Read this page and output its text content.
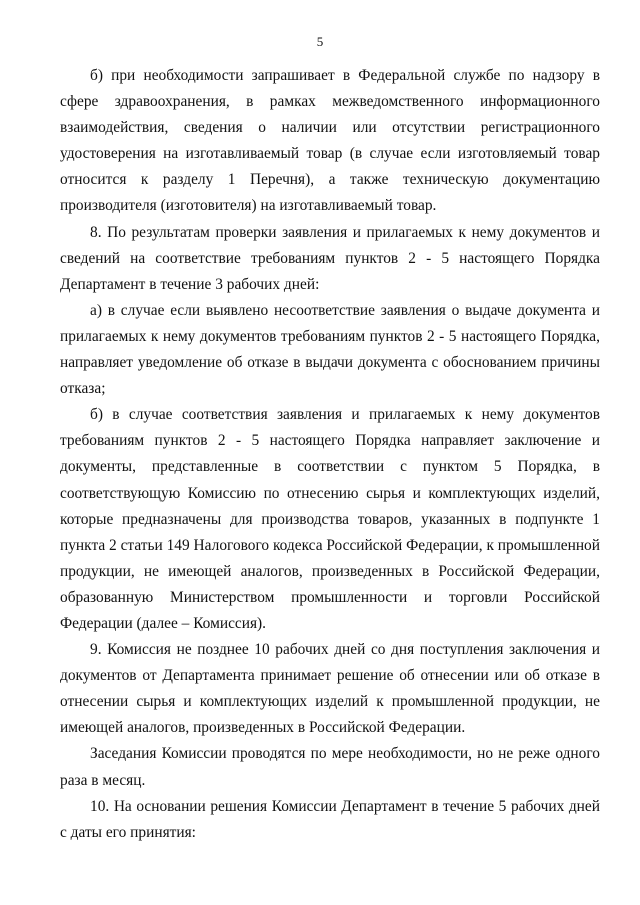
5

б) при необходимости запрашивает в Федеральной службе по надзору в сфере здравоохранения, в рамках межведомственного информационного взаимодействия, сведения о наличии или отсутствии регистрационного удостоверения на изготавливаемый товар (в случае если изготовляемый товар относится к разделу 1 Перечня), а также техническую документацию производителя (изготовителя) на изготавливаемый товар.

8. По результатам проверки заявления и прилагаемых к нему документов и сведений на соответствие требованиям пунктов 2 - 5 настоящего Порядка Департамент в течение 3 рабочих дней:

а) в случае если выявлено несоответствие заявления о выдаче документа и прилагаемых к нему документов требованиям пунктов 2 - 5 настоящего Порядка, направляет уведомление об отказе в выдачи документа с обоснованием причины отказа;

б) в случае соответствия заявления и прилагаемых к нему документов требованиям пунктов 2 - 5 настоящего Порядка направляет заключение и документы, представленные в соответствии с пунктом 5 Порядка, в соответствующую Комиссию по отнесению сырья и комплектующих изделий, которые предназначены для производства товаров, указанных в подпункте 1 пункта 2 статьи 149 Налогового кодекса Российской Федерации, к промышленной продукции, не имеющей аналогов, произведенных в Российской Федерации, образованную Министерством промышленности и торговли Российской Федерации (далее – Комиссия).

9. Комиссия не позднее 10 рабочих дней со дня поступления заключения и документов от Департамента принимает решение об отнесении или об отказе в отнесении сырья и комплектующих изделий к промышленной продукции, не имеющей аналогов, произведенных в Российской Федерации.

Заседания Комиссии проводятся по мере необходимости, но не реже одного раза в месяц.

10. На основании решения Комиссии Департамент в течение 5 рабочих дней с даты его принятия:
